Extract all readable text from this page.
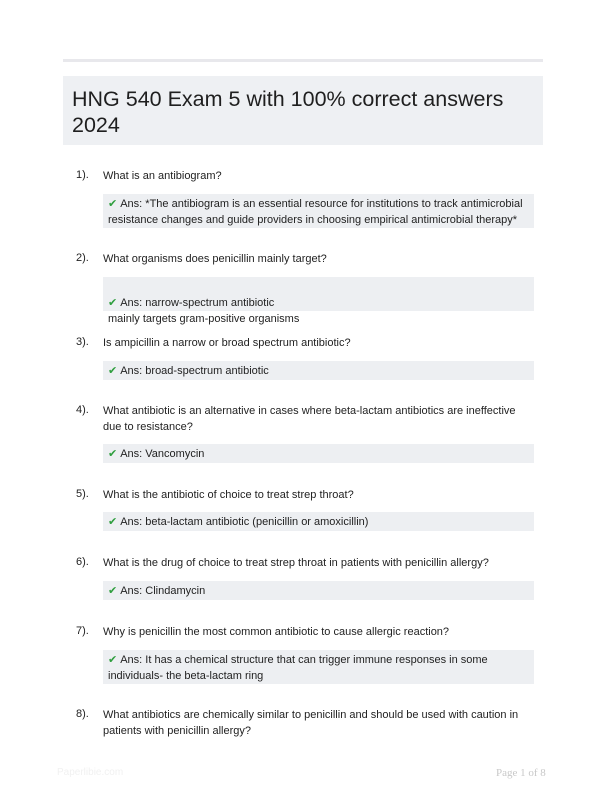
HNG 540 Exam 5 with 100% correct answers 2024
1). What is an antibiogram?
✔ Ans: *The antibiogram is an essential resource for institutions to track antimicrobial resistance changes and guide providers in choosing empirical antimicrobial therapy*
2). What organisms does penicillin mainly target?

✔ Ans: narrow-spectrum antibiotic
mainly targets gram-positive organisms

3). Is ampicillin a narrow or broad spectrum antibiotic?
✔ Ans: broad-spectrum antibiotic
4). What antibiotic is an alternative in cases where beta-lactam antibiotics are ineffective due to resistance?
✔ Ans: Vancomycin
5). What is the antibiotic of choice to treat strep throat?
✔ Ans: beta-lactam antibiotic (penicillin or amoxicillin)
6). What is the drug of choice to treat strep throat in patients with penicillin allergy?
✔ Ans: Clindamycin
7). Why is penicillin the most common antibiotic to cause allergic reaction?
✔ Ans: It has a chemical structure that can trigger immune responses in some individuals- the beta-lactam ring
8). What antibiotics are chemically similar to penicillin and should be used with caution in patients with penicillin allergy?
Paperlibie.com	Page 1 of 8
